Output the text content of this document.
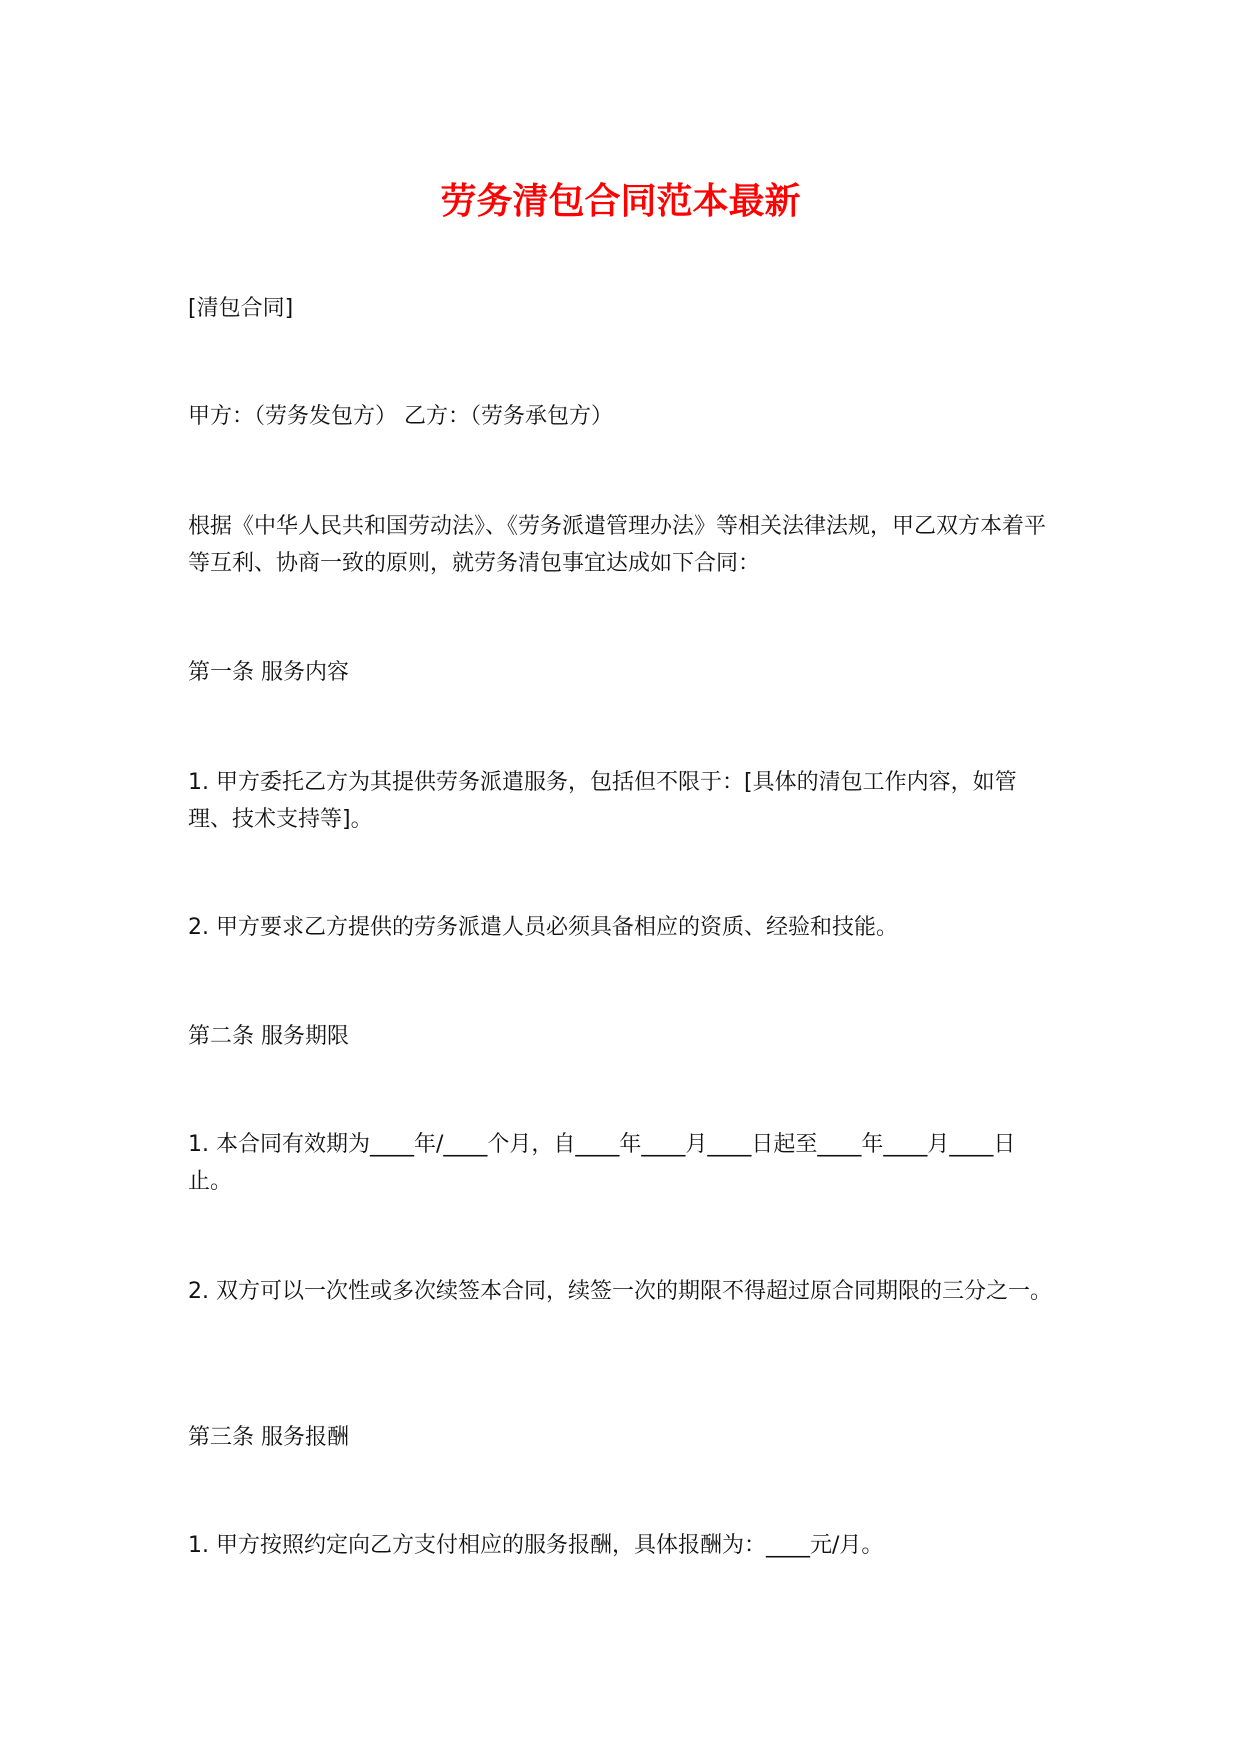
劳务清包合同范本最新

[清包合同]

甲方：（劳务发包方） 乙方：（劳务承包方）

根据《中华人民共和国劳动法》、《劳务派遣管理办法》等相关法律法规，甲乙双方本着平等互利、协商一致的原则，就劳务清包事宜达成如下合同：

第一条 服务内容

1. 甲方委托乙方为其提供劳务派遣服务，包括但不限于：[具体的清包工作内容，如管理、技术支持等]。

2. 甲方要求乙方提供的劳务派遣人员必须具备相应的资质、经验和技能。

第二条 服务期限

1. 本合同有效期为____年/____个月，自____年____月____日起至____年____月____日止。

2. 双方可以一次性或多次续签本合同，续签一次的期限不得超过原合同期限的三分之一。

第三条 服务报酬

1. 甲方按照约定向乙方支付相应的服务报酬，具体报酬为：____元/月。
